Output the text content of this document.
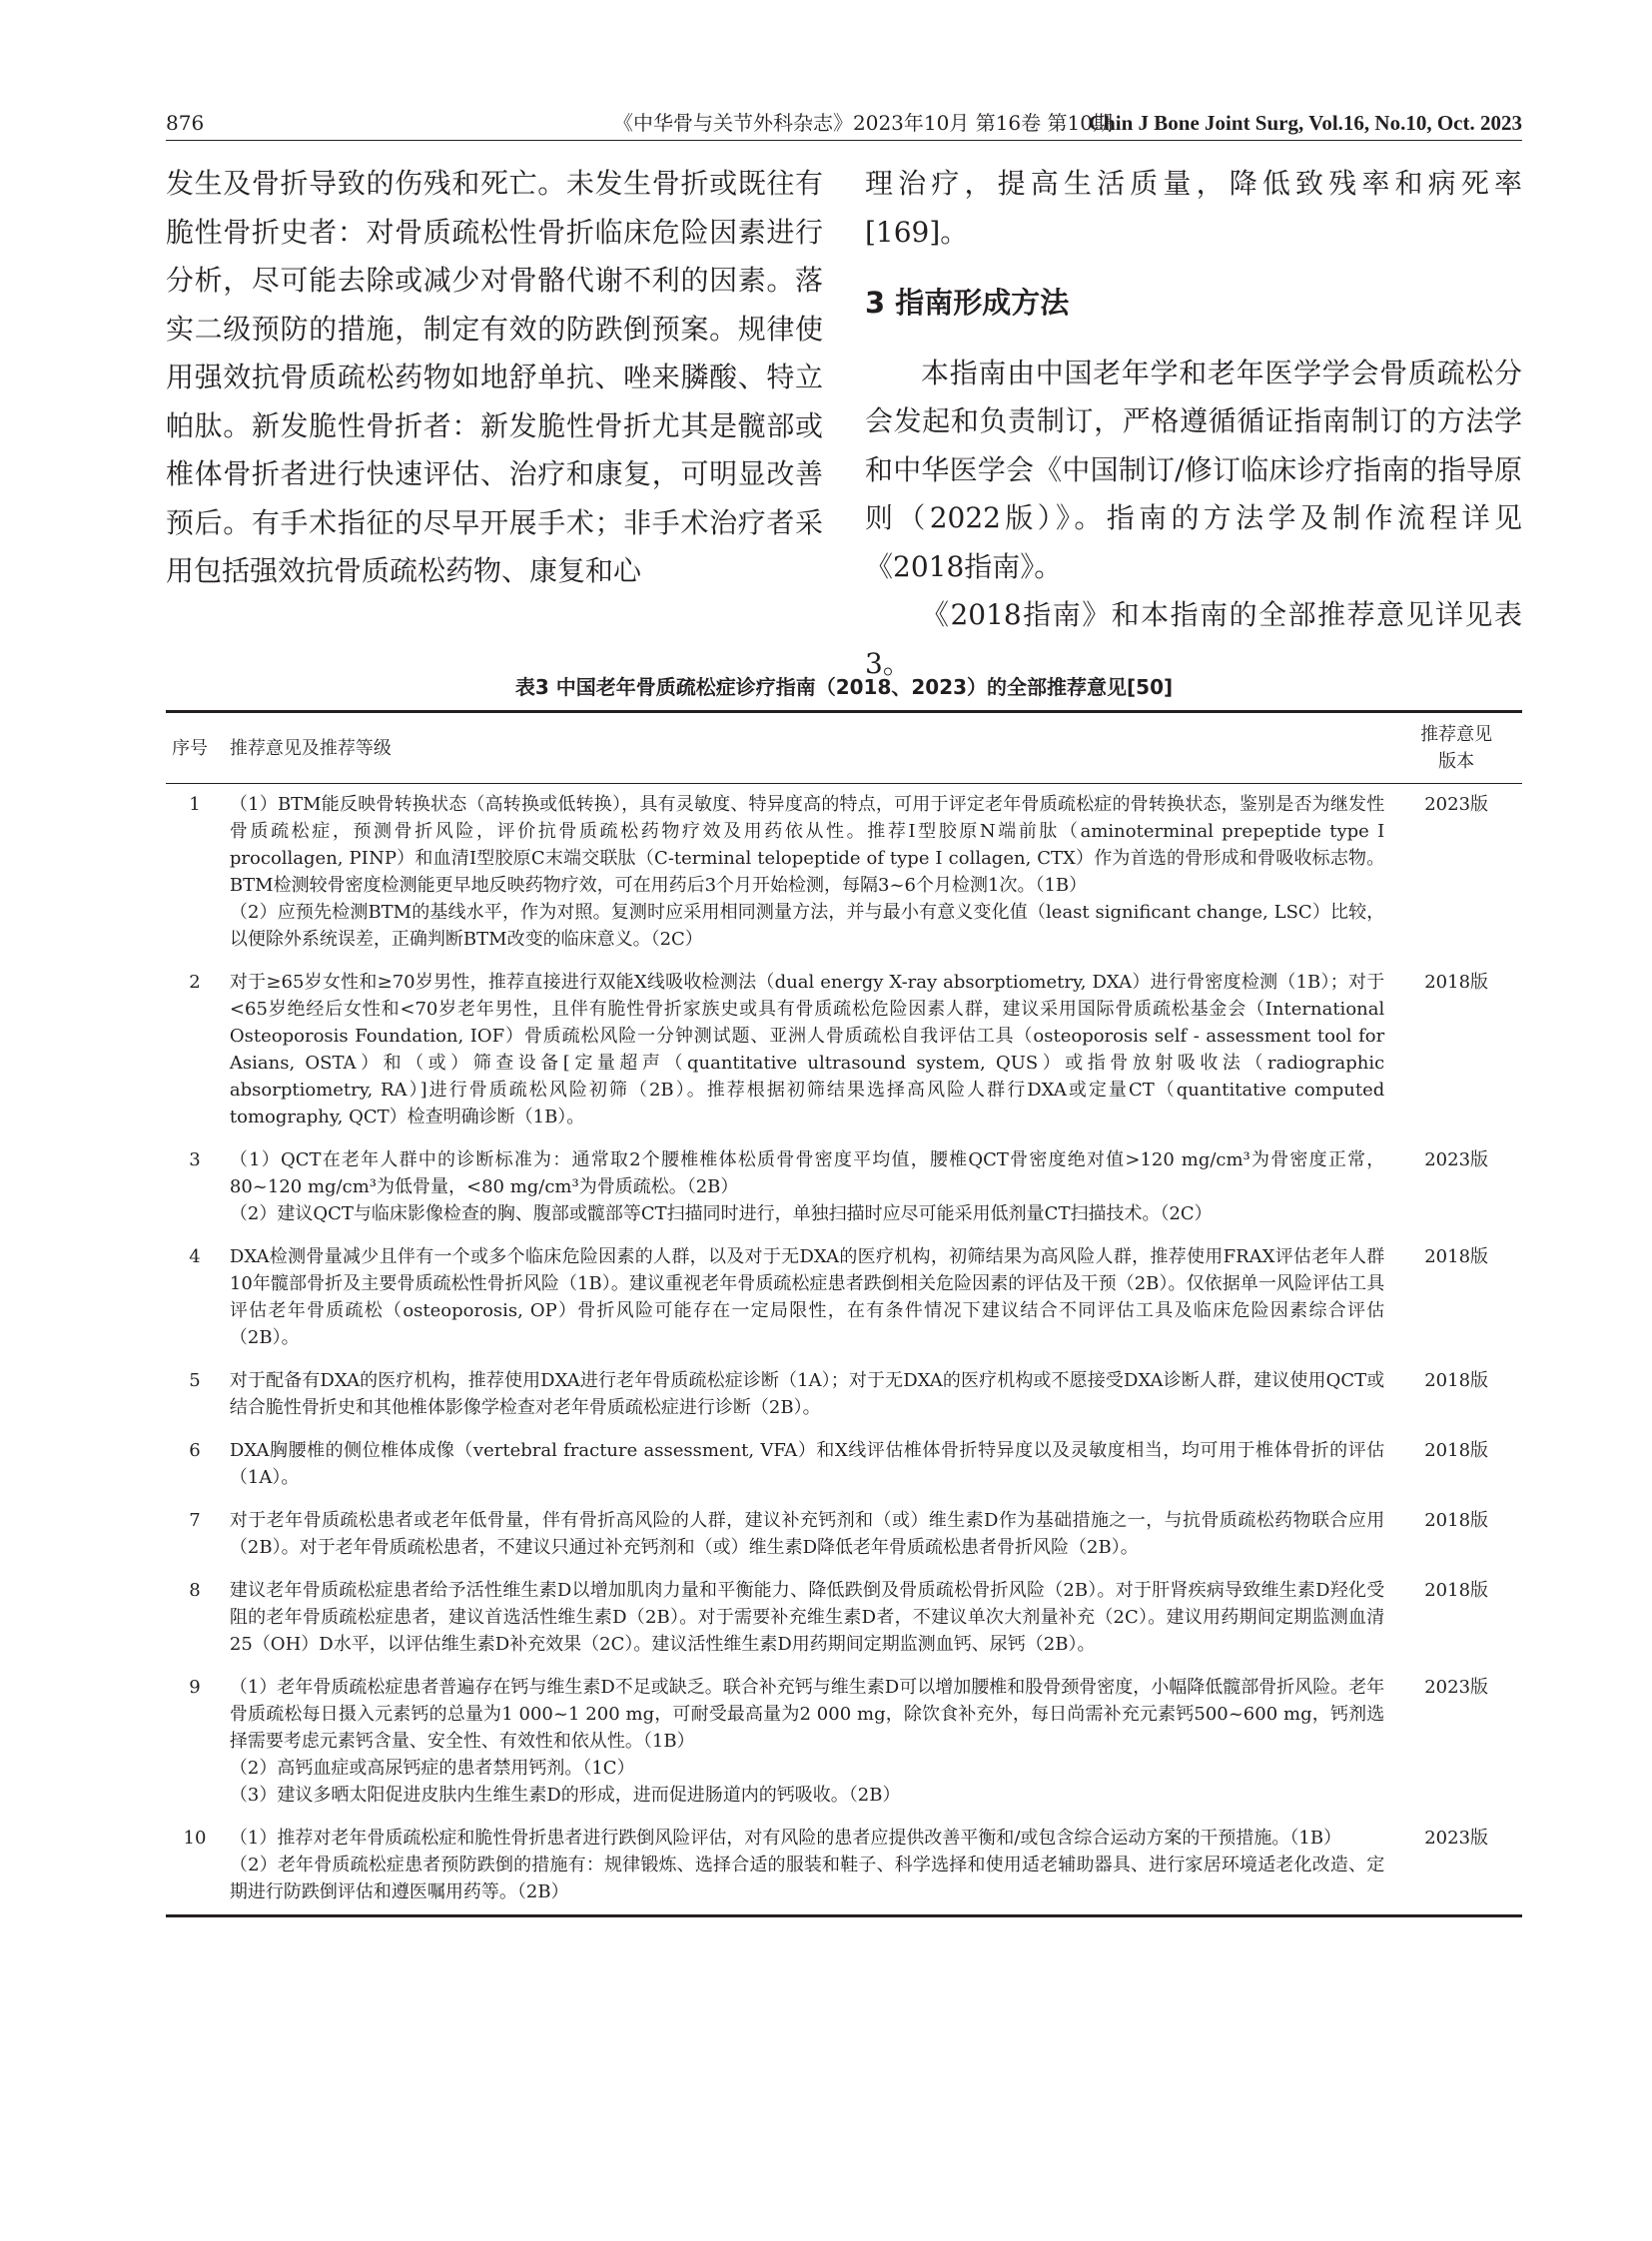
876	《中华骨与关节外科杂志》2023年10月 第16卷 第10期
Chin J Bone Joint Surg, Vol.16, No.10, Oct. 2023

发生及骨折导致的伤残和死亡。未发生骨折或既往有脆性骨折史者：对骨质疏松性骨折临床危险因素进行分析，尽可能去除或减少对骨骼代谢不利的因素。落实二级预防的措施，制定有效的防跌倒预案。规律使用强效抗骨质疏松药物如地舒单抗、唑来膦酸、特立帕肽。新发脆性骨折者：新发脆性骨折尤其是髋部或椎体骨折者进行快速评估、治疗和康复，可明显改善预后。有手术指征的尽早开展手术；非手术治疗者采用包括强效抗骨质疏松药物、康复和心

理治疗，提高生活质量，降低致残率和病死率[169]。

3 指南形成方法

本指南由中国老年学和老年医学学会骨质疏松分会发起和负责制订，严格遵循循证指南制订的方法学和中华医学会《中国制订/修订临床诊疗指南的指导原则（2022版）》。指南的方法学及制作流程详见《2018指南》。

《2018指南》和本指南的全部推荐意见详见表3。

表3 中国老年骨质疏松症诊疗指南（2018、2023）的全部推荐意见[50]
序号	推荐意见及推荐等级	推荐意见
版本
1	（1）BTM能反映骨转换状态（高转换或低转换），具有灵敏度、特异度高的特点，可用于评定老年骨质疏松症的骨转换状态，鉴别是否为继发性骨质疏松症，预测骨折风险，评价抗骨质疏松药物疗效及用药依从性。推荐Ⅰ型胶原N端前肽（aminoterminal prepeptide type Ⅰ procollagen, PⅠNP）和血清Ⅰ型胶原C末端交联肽（C-terminal telopeptide of type Ⅰ collagen, CTX）作为首选的骨形成和骨吸收标志物。BTM检测较骨密度检测能更早地反映药物疗效，可在用药后3个月开始检测，每隔3~6个月检测1次。（1B）
（2）应预先检测BTM的基线水平，作为对照。复测时应采用相同测量方法，并与最小有意义变化值（least significant change, LSC）比较，以便除外系统误差，正确判断BTM改变的临床意义。（2C）	2023版
2	对于≥65岁女性和≥70岁男性，推荐直接进行双能X线吸收检测法（dual energy X-ray absorptiometry, DXA）进行骨密度检测（1B）；对于<65岁绝经后女性和<70岁老年男性，且伴有脆性骨折家族史或具有骨质疏松危险因素人群，建议采用国际骨质疏松基金会（International Osteoporosis Foundation, IOF）骨质疏松风险一分钟测试题、亚洲人骨质疏松自我评估工具（osteoporosis self - assessment tool for Asians, OSTA）和（或）筛查设备[定量超声（quantitative ultrasound system, QUS）或指骨放射吸收法（radiographic absorptiometry, RA）]进行骨质疏松风险初筛（2B）。推荐根据初筛结果选择高风险人群行DXA或定量CT（quantitative computed tomography, QCT）检查明确诊断（1B）。	2018版
3	（1）QCT在老年人群中的诊断标准为：通常取2个腰椎椎体松质骨骨密度平均值，腰椎QCT骨密度绝对值>120 mg/cm³为骨密度正常，80~120 mg/cm³为低骨量，<80 mg/cm³为骨质疏松。（2B）
（2）建议QCT与临床影像检查的胸、腹部或髋部等CT扫描同时进行，单独扫描时应尽可能采用低剂量CT扫描技术。（2C）	2023版
4	DXA检测骨量减少且伴有一个或多个临床危险因素的人群，以及对于无DXA的医疗机构，初筛结果为高风险人群，推荐使用FRAX评估老年人群10年髋部骨折及主要骨质疏松性骨折风险（1B）。建议重视老年骨质疏松症患者跌倒相关危险因素的评估及干预（2B）。仅依据单一风险评估工具评估老年骨质疏松（osteoporosis, OP）骨折风险可能存在一定局限性，在有条件情况下建议结合不同评估工具及临床危险因素综合评估（2B）。	2018版
5	对于配备有DXA的医疗机构，推荐使用DXA进行老年骨质疏松症诊断（1A）；对于无DXA的医疗机构或不愿接受DXA诊断人群，建议使用QCT或结合脆性骨折史和其他椎体影像学检查对老年骨质疏松症进行诊断（2B）。	2018版
6	DXA胸腰椎的侧位椎体成像（vertebral fracture assessment, VFA）和X线评估椎体骨折特异度以及灵敏度相当，均可用于椎体骨折的评估（1A）。	2018版
7	对于老年骨质疏松患者或老年低骨量，伴有骨折高风险的人群，建议补充钙剂和（或）维生素D作为基础措施之一，与抗骨质疏松药物联合应用（2B）。对于老年骨质疏松患者，不建议只通过补充钙剂和（或）维生素D降低老年骨质疏松患者骨折风险（2B）。	2018版
8	建议老年骨质疏松症患者给予活性维生素D以增加肌肉力量和平衡能力、降低跌倒及骨质疏松骨折风险（2B）。对于肝肾疾病导致维生素D羟化受阻的老年骨质疏松症患者，建议首选活性维生素D（2B）。对于需要补充维生素D者，不建议单次大剂量补充（2C）。建议用药期间定期监测血清25（OH）D水平，以评估维生素D补充效果（2C）。建议活性维生素D用药期间定期监测血钙、尿钙（2B）。	2018版
9	（1）老年骨质疏松症患者普遍存在钙与维生素D不足或缺乏。联合补充钙与维生素D可以增加腰椎和股骨颈骨密度，小幅降低髋部骨折风险。老年骨质疏松每日摄入元素钙的总量为1 000~1 200 mg，可耐受最高量为2 000 mg，除饮食补充外，每日尚需补充元素钙500~600 mg，钙剂选择需要考虑元素钙含量、安全性、有效性和依从性。（1B）
（2）高钙血症或高尿钙症的患者禁用钙剂。（1C）
（3）建议多晒太阳促进皮肤内生维生素D的形成，进而促进肠道内的钙吸收。（2B）	2023版
10	（1）推荐对老年骨质疏松症和脆性骨折患者进行跌倒风险评估，对有风险的患者应提供改善平衡和/或包含综合运动方案的干预措施。（1B）
（2）老年骨质疏松症患者预防跌倒的措施有：规律锻炼、选择合适的服装和鞋子、科学选择和使用适老辅助器具、进行家居环境适老化改造、定期进行防跌倒评估和遵医嘱用药等。（2B）	2023版
